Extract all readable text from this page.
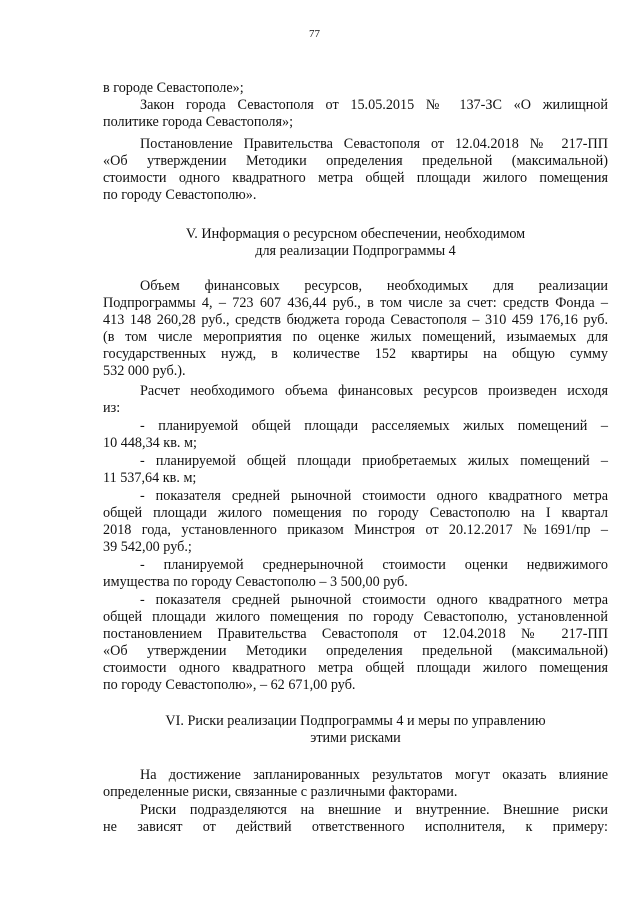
77
в городе Севастополе»;
Закон города Севастополя от 15.05.2015 № 137-ЗС «О жилищной
политике города Севастополя»;
Постановление Правительства Севастополя от 12.04.2018 № 217-ПП
«Об утверждении Методики определения предельной (максимальной)
стоимости одного квадратного метра общей площади жилого помещения
по городу Севастополю».
V. Информация о ресурсном обеспечении, необходимом
для реализации Подпрограммы 4
Объем финансовых ресурсов, необходимых для реализации
Подпрограммы 4, – 723 607 436,44 руб., в том числе за счет: средств Фонда –
413 148 260,28 руб., средств бюджета города Севастополя – 310 459 176,16 руб.
(в том числе мероприятия по оценке жилых помещений, изымаемых для
государственных нужд, в количестве 152 квартиры на общую сумму
532 000 руб.).
Расчет необходимого объема финансовых ресурсов произведен исходя
из:
- планируемой общей площади расселяемых жилых помещений –
10 448,34 кв. м;
- планируемой общей площади приобретаемых жилых помещений –
11 537,64 кв. м;
- показателя средней рыночной стоимости одного квадратного метра
общей площади жилого помещения по городу Севастополю на I квартал
2018 года, установленного приказом Минстроя от 20.12.2017 №1691/пр –
39 542,00 руб.;
- планируемой среднерыночной стоимости оценки недвижимого
имущества по городу Севастополю – 3 500,00 руб.
- показателя средней рыночной стоимости одного квадратного метра
общей площади жилого помещения по городу Севастополю, установленной
постановлением Правительства Севастополя от 12.04.2018 № 217-ПП
«Об утверждении Методики определения предельной (максимальной)
стоимости одного квадратного метра общей площади жилого помещения
по городу Севастополю», – 62 671,00 руб.
VI. Риски реализации Подпрограммы 4 и меры по управлению
этими рисками
На достижение запланированных результатов могут оказать влияние
определенные риски, связанные с различными факторами.
Риски подразделяются на внешние и внутренние. Внешние риски
не зависят от действий ответственного исполнителя, к примеру:
